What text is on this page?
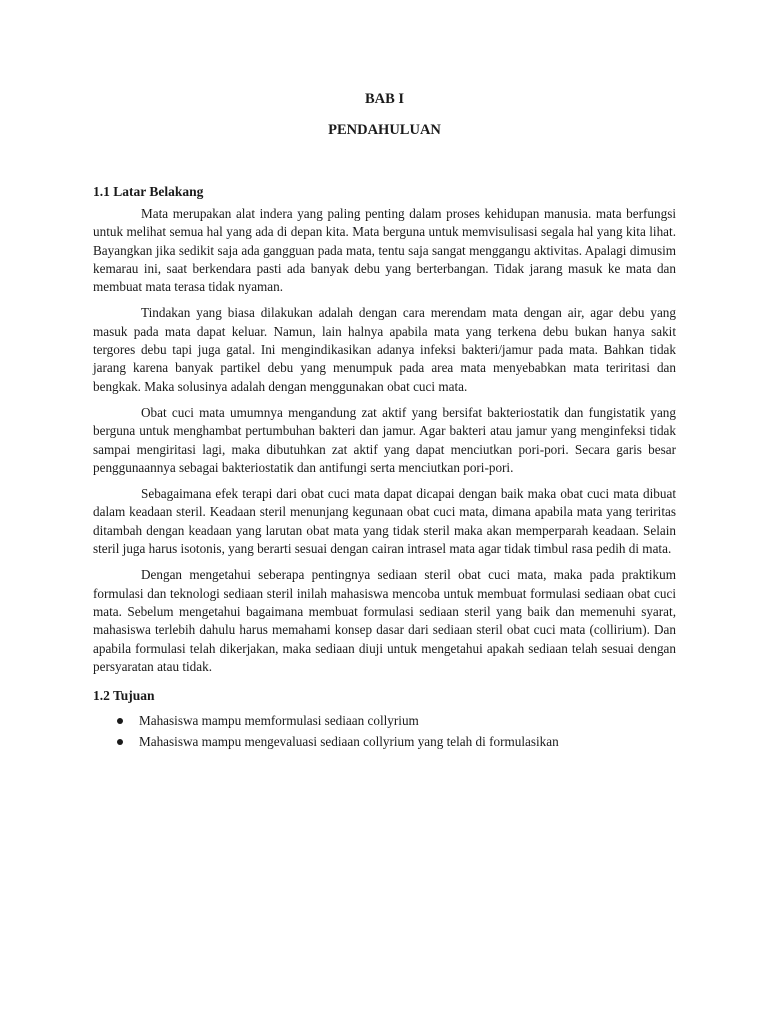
BAB I
PENDAHULUAN
1.1 Latar Belakang

Mata merupakan alat indera yang paling penting dalam proses kehidupan manusia. mata berfungsi untuk melihat semua hal yang ada di depan kita. Mata berguna untuk memvisulisasi segala hal yang kita lihat. Bayangkan jika sedikit saja ada gangguan pada mata, tentu saja sangat menggangu aktivitas. Apalagi dimusim kemarau ini, saat berkendara pasti ada banyak debu yang berterbangan. Tidak jarang masuk ke mata dan membuat mata terasa tidak nyaman.

Tindakan yang biasa dilakukan adalah dengan cara merendam mata dengan air, agar debu yang masuk pada mata dapat keluar. Namun, lain halnya apabila mata yang terkena debu bukan hanya sakit tergores debu tapi juga gatal. Ini mengindikasikan adanya infeksi bakteri/jamur pada mata. Bahkan tidak jarang karena banyak partikel debu yang menumpuk pada area mata menyebabkan mata teriritasi dan bengkak. Maka solusinya adalah dengan menggunakan obat cuci mata.

Obat cuci mata umumnya mengandung zat aktif yang bersifat bakteriostatik dan fungistatik yang berguna untuk menghambat pertumbuhan bakteri dan jamur. Agar bakteri atau jamur yang menginfeksi tidak sampai mengiritasi lagi, maka dibutuhkan zat aktif yang dapat menciutkan pori-pori. Secara garis besar penggunaannya sebagai bakteriostatik dan antifungi serta menciutkan pori-pori.

Sebagaimana efek terapi dari obat cuci mata dapat dicapai dengan baik maka obat cuci mata dibuat dalam keadaan steril. Keadaan steril menunjang kegunaan obat cuci mata, dimana apabila mata yang teriritas ditambah dengan keadaan yang larutan obat mata yang tidak steril maka akan memperparah keadaan. Selain steril juga harus isotonis, yang berarti sesuai dengan cairan intrasel mata agar tidak timbul rasa pedih di mata.

Dengan mengetahui seberapa pentingnya sediaan steril obat cuci mata, maka pada praktikum formulasi dan teknologi sediaan steril inilah mahasiswa mencoba untuk membuat formulasi sediaan obat cuci mata. Sebelum mengetahui bagaimana membuat formulasi sediaan steril yang baik dan memenuhi syarat, mahasiswa terlebih dahulu harus memahami konsep dasar dari sediaan steril obat cuci mata (collirium). Dan apabila formulasi telah dikerjakan, maka sediaan diuji untuk mengetahui apakah sediaan telah sesuai dengan persyaratan atau tidak.

1.2 Tujuan
Mahasiswa mampu memformulasi sediaan collyrium
Mahasiswa mampu mengevaluasi sediaan collyrium yang telah di formulasikan
